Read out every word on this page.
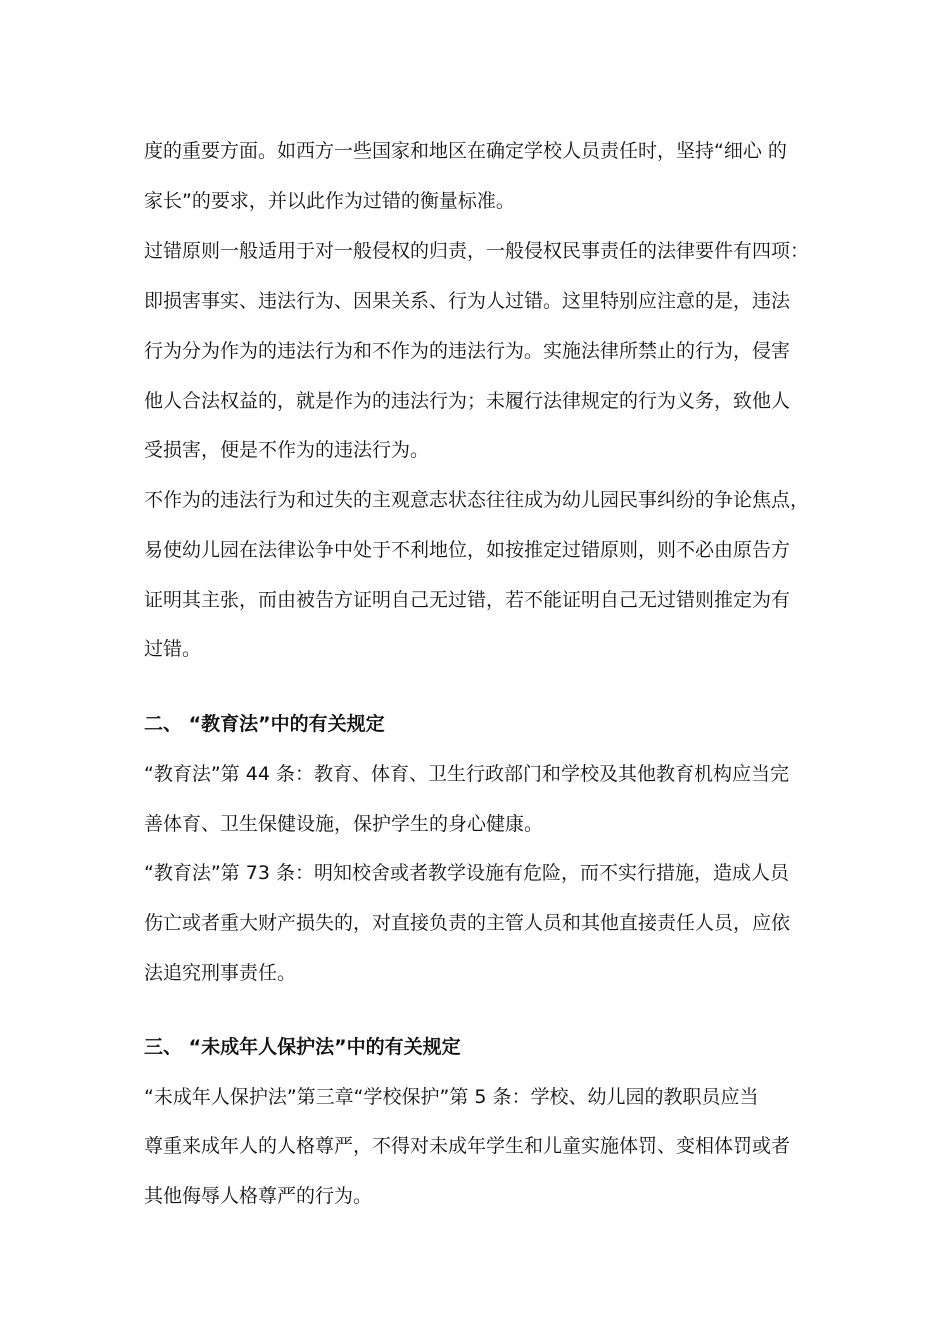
度的重要方面。如西方一些国家和地区在确定学校人员责任时，坚持“细心 的
家长”的要求，并以此作为过错的衡量标准。
过错原则一般适用于对一般侵权的归责，一般侵权民事责任的法律要件有四项：
即损害事实、违法行为、因果关系、行为人过错。这里特别应注意的是，违法
行为分为作为的违法行为和不作为的违法行为。实施法律所禁止的行为，侵害
他人合法权益的，就是作为的违法行为；未履行法律规定的行为义务，致他人
受损害，便是不作为的违法行为。
不作为的违法行为和过失的主观意志状态往往成为幼儿园民事纠纷的争论焦点，
易使幼儿园在法律讼争中处于不利地位，如按推定过错原则，则不必由原告方
证明其主张，而由被告方证明自己无过错，若不能证明自己无过错则推定为有
过错。
二、 “教育法”中的有关规定
“教育法”第 44 条：教育、体育、卫生行政部门和学校及其他教育机构应当完
善体育、卫生保健设施，保护学生的身心健康。
“教育法”第 73 条：明知校舍或者教学设施有危险，而不实行措施，造成人员
伤亡或者重大财产损失的，对直接负责的主管人员和其他直接责任人员，应依
法追究刑事责任。
三、 “未成年人保护法”中的有关规定
“未成年人保护法”第三章“学校保护”第 5 条：学校、幼儿园的教职员应当
尊重来成年人的人格尊严，不得对未成年学生和儿童实施体罚、变相体罚或者
其他侮辱人格尊严的行为。
